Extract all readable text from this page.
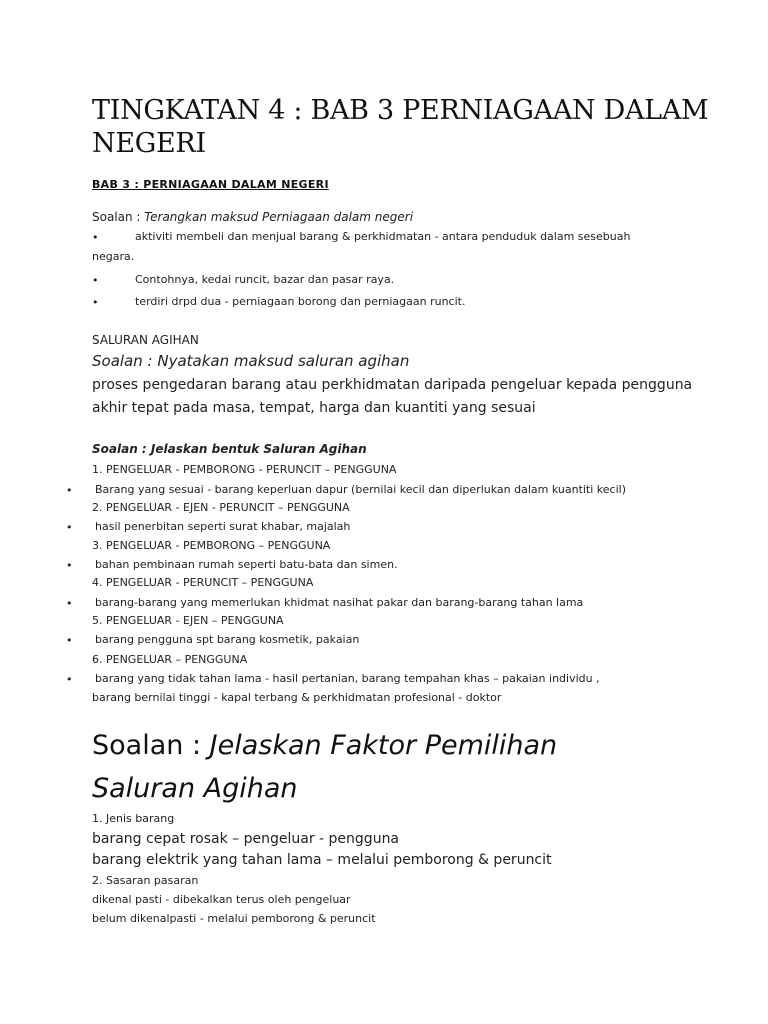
TINGKATAN 4 : BAB 3 PERNIAGAAN DALAM NEGERI
BAB 3 : PERNIAGAAN DALAM NEGERI
Soalan : Terangkan maksud Perniagaan dalam negeri
•	aktiviti membeli dan menjual barang & perkhidmatan - antara penduduk dalam sesebuah
negara.
•	Contohnya, kedai runcit, bazar dan pasar raya.
•	terdiri drpd dua - perniagaan borong dan perniagaan runcit.
SALURAN AGIHAN
Soalan : Nyatakan maksud saluran agihan
proses pengedaran barang atau perkhidmatan daripada pengeluar kepada pengguna
akhir tepat pada masa, tempat, harga dan kuantiti yang sesuai
Soalan : Jelaskan bentuk Saluran Agihan
1. PENGELUAR - PEMBORONG - PERUNCIT – PENGGUNA
• Barang yang sesuai - barang keperluan dapur (bernilai kecil dan diperlukan dalam kuantiti kecil)
2. PENGELUAR - EJEN - PERUNCIT – PENGGUNA
• hasil penerbitan seperti surat khabar, majalah
3. PENGELUAR - PEMBORONG – PENGGUNA
• bahan pembinaan rumah seperti batu-bata dan simen.
4. PENGELUAR - PERUNCIT – PENGGUNA
• barang-barang yang memerlukan khidmat nasihat pakar dan barang-barang tahan lama
5. PENGELUAR - EJEN – PENGGUNA
• barang pengguna spt barang kosmetik, pakaian
6. PENGELUAR – PENGGUNA
• barang yang tidak tahan lama - hasil pertanian, barang tempahan khas – pakaian individu ,
barang bernilai tinggi - kapal terbang & perkhidmatan profesional - doktor
Soalan : Jelaskan Faktor Pemilihan
Saluran Agihan
1. Jenis barang
barang cepat rosak – pengeluar - pengguna
barang elektrik yang tahan lama – melalui pemborong & peruncit
2. Sasaran pasaran
dikenal pasti - dibekalkan terus oleh pengeluar
belum dikenalpasti - melalui pemborong & peruncit
